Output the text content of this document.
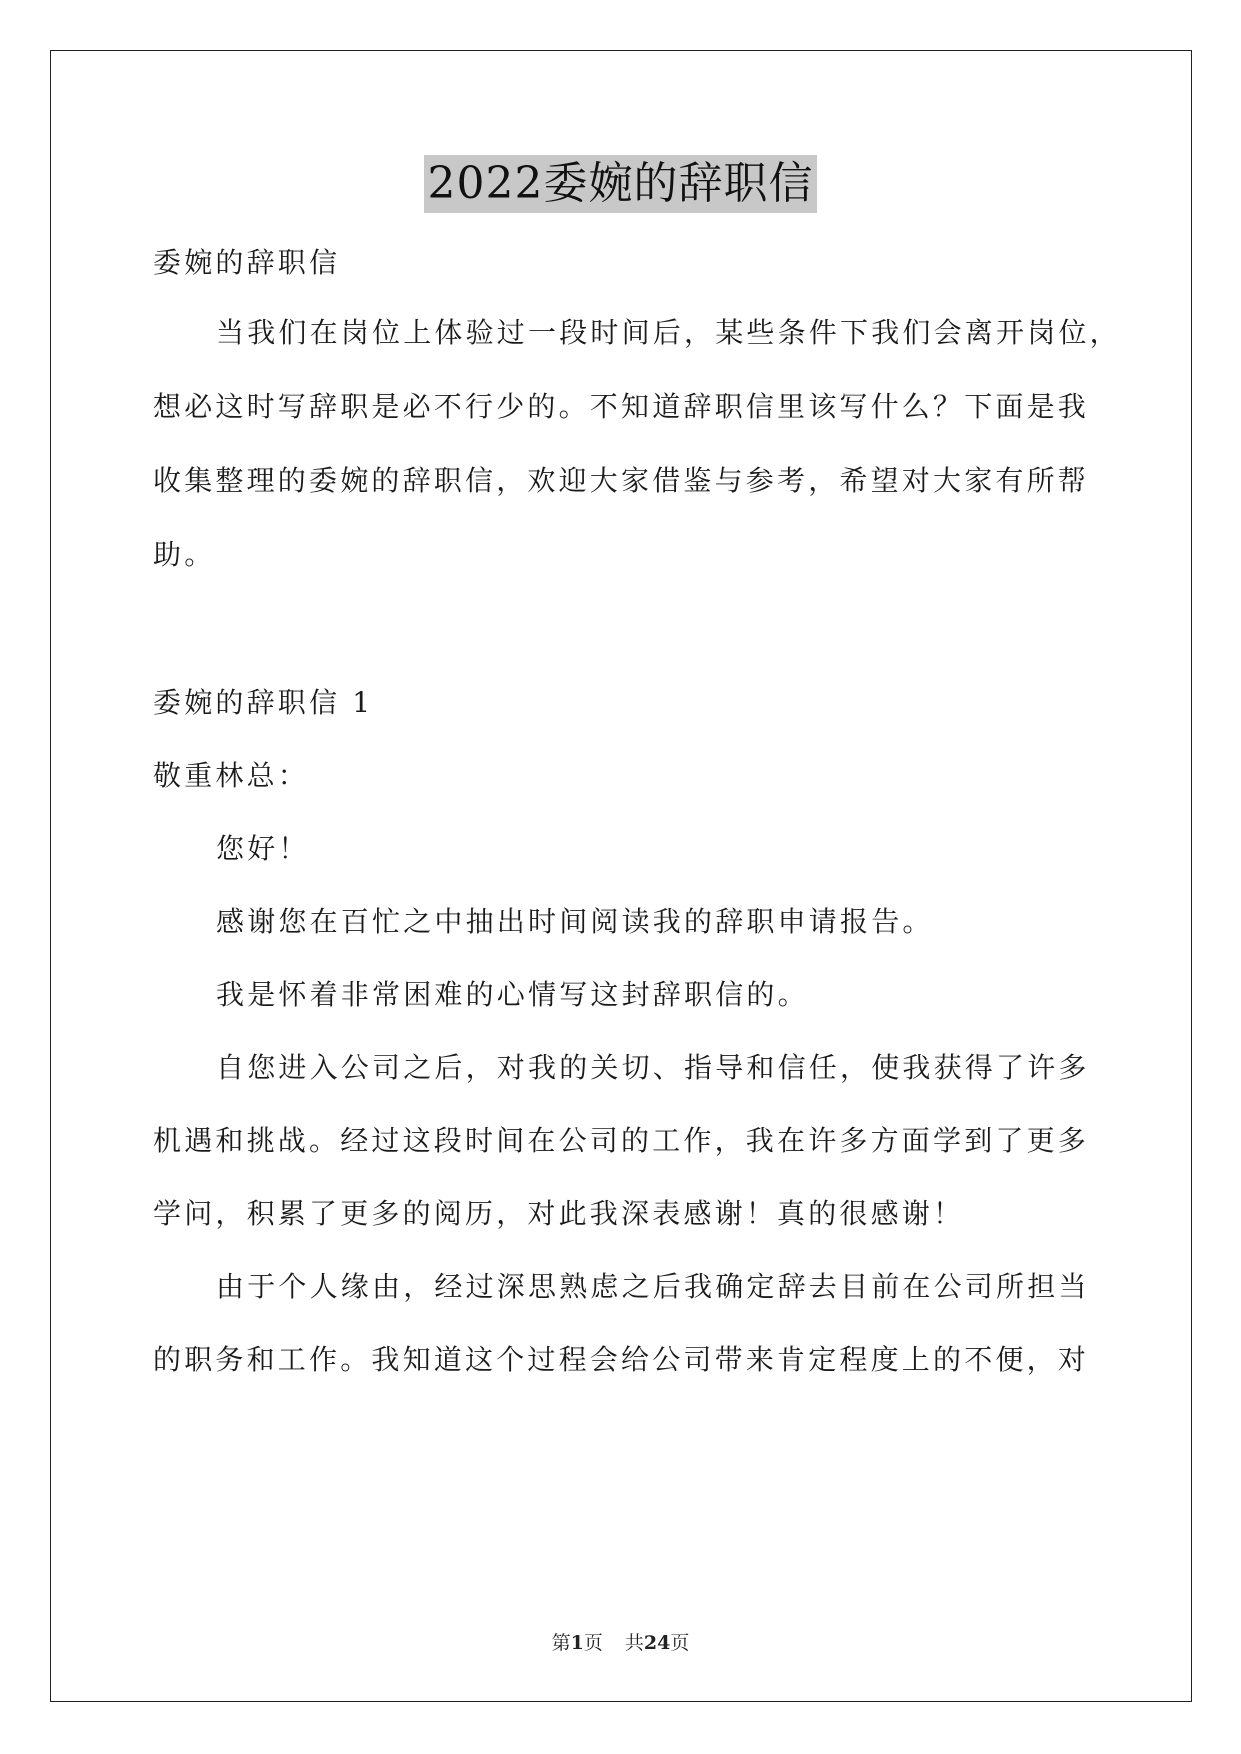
2022委婉的辞职信
委婉的辞职信
当我们在岗位上体验过一段时间后，某些条件下我们会离开岗位，
想必这时写辞职是必不行少的。不知道辞职信里该写什么？下面是我
收集整理的委婉的辞职信，欢迎大家借鉴与参考，希望对大家有所帮
助。
委婉的辞职信 1
敬重林总：
您好！
感谢您在百忙之中抽出时间阅读我的辞职申请报告。
我是怀着非常困难的心情写这封辞职信的。
自您进入公司之后，对我的关切、指导和信任，使我获得了许多
机遇和挑战。经过这段时间在公司的工作，我在许多方面学到了更多
学问，积累了更多的阅历，对此我深表感谢！真的很感谢！
由于个人缘由，经过深思熟虑之后我确定辞去目前在公司所担当
的职务和工作。我知道这个过程会给公司带来肯定程度上的不便，对
第1页 共24页
